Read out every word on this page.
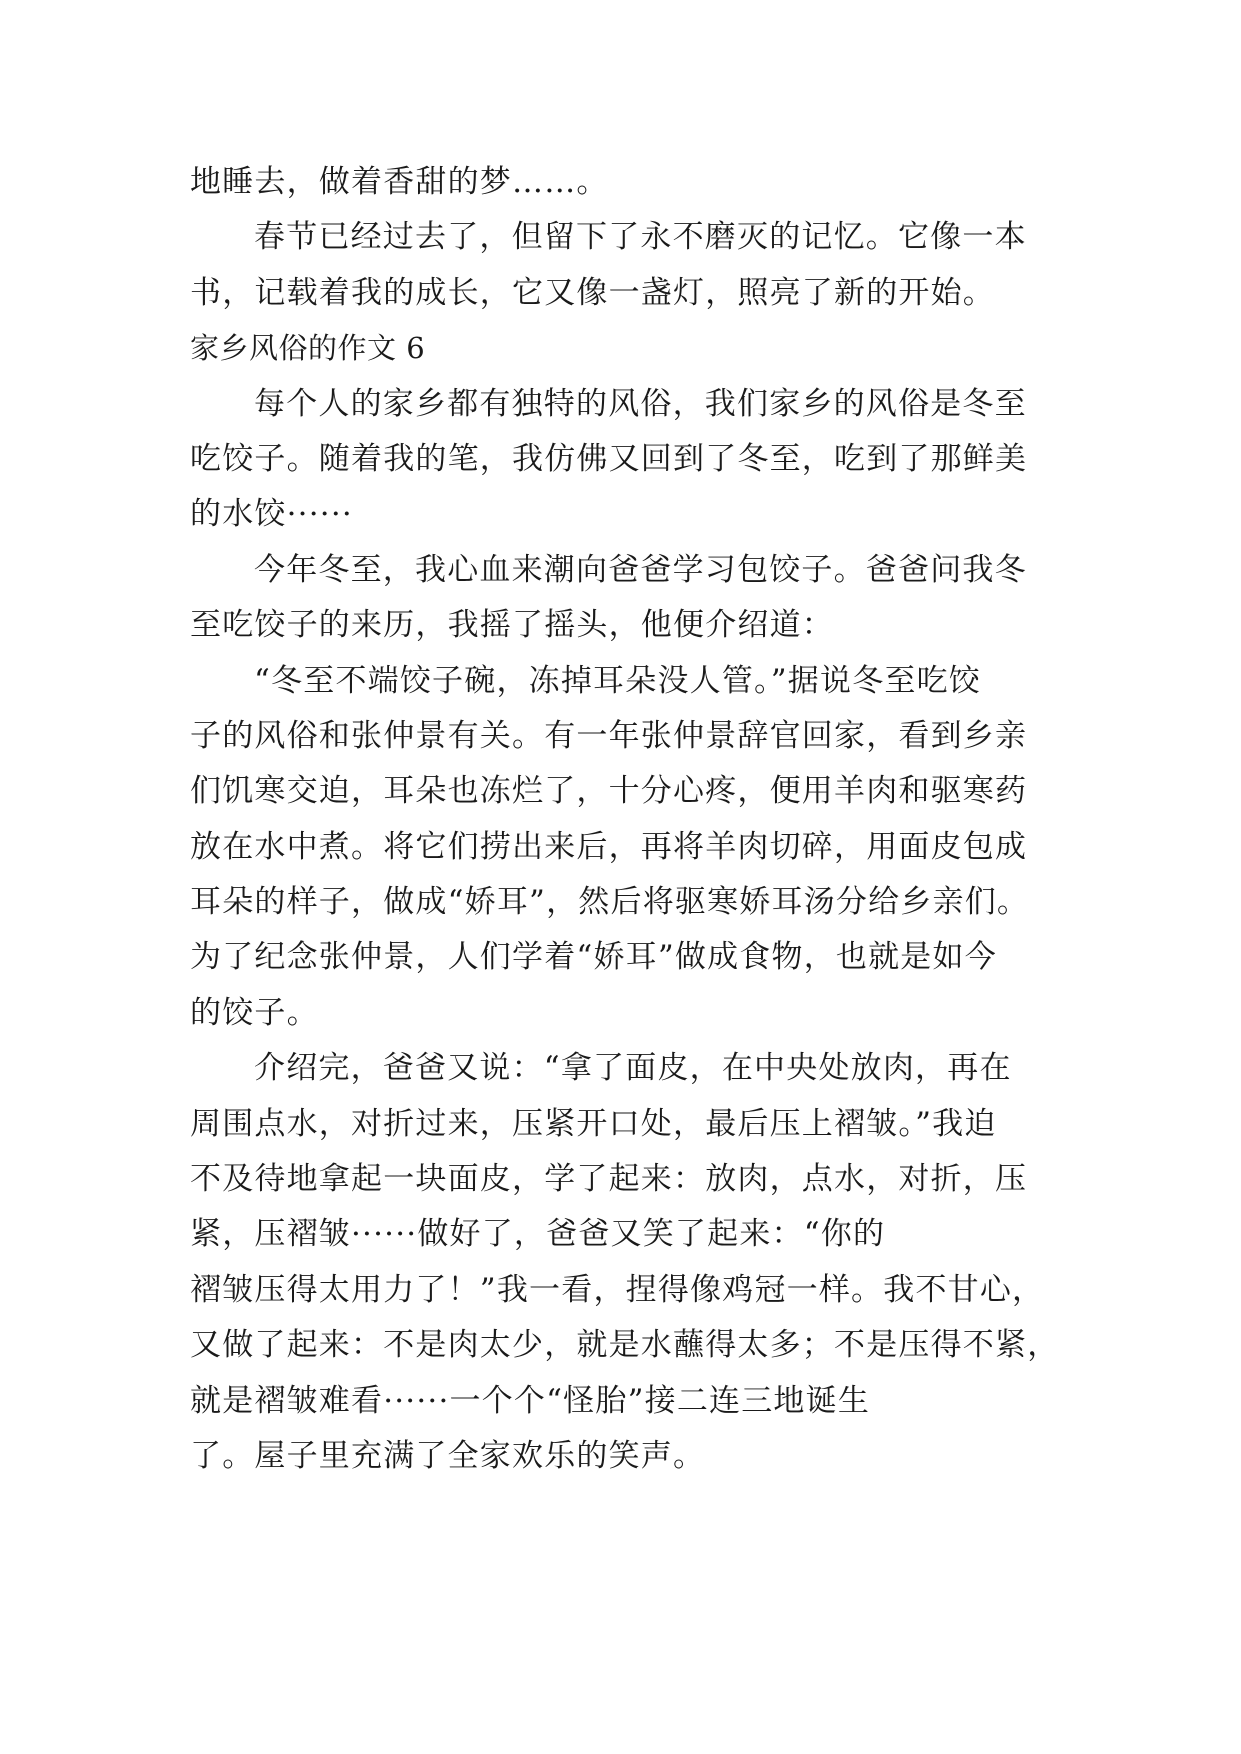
地睡去，做着香甜的梦……。
春节已经过去了，但留下了永不磨灭的记忆。它像一本
书，记载着我的成长，它又像一盏灯，照亮了新的开始。
家乡风俗的作文 6
每个人的家乡都有独特的风俗，我们家乡的风俗是冬至
吃饺子。随着我的笔，我仿佛又回到了冬至，吃到了那鲜美
的水饺······
今年冬至，我心血来潮向爸爸学习包饺子。爸爸问我冬
至吃饺子的来历，我摇了摇头，他便介绍道：
“冬至不端饺子碗，冻掉耳朵没人管。”据说冬至吃饺
子的风俗和张仲景有关。有一年张仲景辞官回家，看到乡亲
们饥寒交迫，耳朵也冻烂了，十分心疼，便用羊肉和驱寒药
放在水中煮。将它们捞出来后，再将羊肉切碎，用面皮包成
耳朵的样子，做成“娇耳”，然后将驱寒娇耳汤分给乡亲们。
为了纪念张仲景，人们学着“娇耳”做成食物，也就是如今
的饺子。
介绍完，爸爸又说：“拿了面皮，在中央处放肉，再在
周围点水，对折过来，压紧开口处，最后压上褶皱。”我迫
不及待地拿起一块面皮，学了起来：放肉，点水，对折，压
紧，压褶皱······做好了，爸爸又笑了起来：“你的
褶皱压得太用力了！”我一看，捏得像鸡冠一样。我不甘心，
又做了起来：不是肉太少，就是水蘸得太多；不是压得不紧，
就是褶皱难看······一个个“怪胎”接二连三地诞生
了。屋子里充满了全家欢乐的笑声。
